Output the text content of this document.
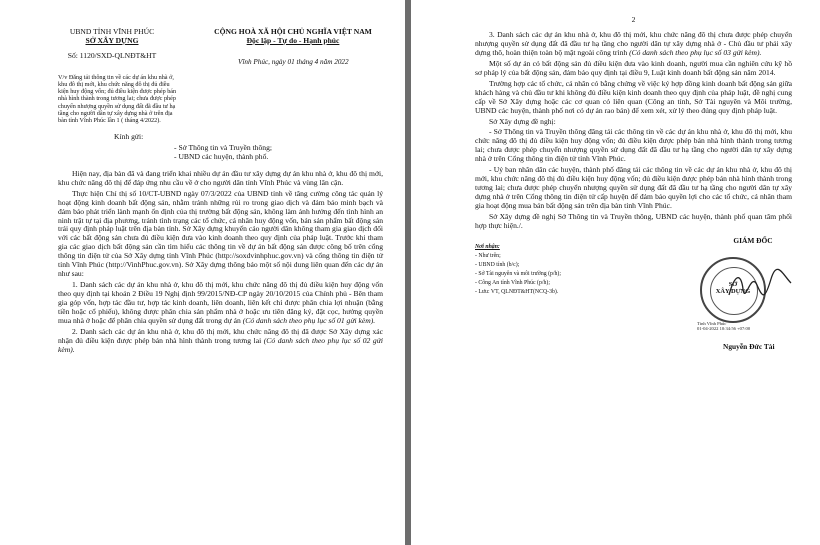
UBND TỈNH VĨNH PHÚC
SỞ XÂY DỰNG
Số: 1120/SXD-QLNĐT&HT
CỘNG HOÀ XÃ HỘI CHỦ NGHĨA VIỆT NAM
Độc lập - Tự do - Hạnh phúc
Vĩnh Phúc, ngày 01 tháng 4 năm 2022
V/v Đăng tải thông tin về các dự án khu nhà ở, khu đô thị mới, khu chức năng đô thị đủ điều kiện huy động vốn; đủ điều kiện được phép bán nhà hình thành trong tương lai; chưa được phép chuyển nhượng quyền sử dụng đất đã đầu tư hạ tầng cho người dân tự xây dựng nhà ở trên địa bàn tỉnh Vĩnh Phúc lần 1 ( tháng 4/2022).
Kính gửi:
- Sở Thông tin và Truyền thông;
- UBND các huyện, thành phố.

Hiện nay, địa bàn đã và đang triển khai nhiều dự án đầu tư xây dựng dự án khu nhà ở, khu đô thị mới, khu chức năng đô thị để đáp ứng nhu cầu về ở cho người dân tỉnh Vĩnh Phúc và vùng lân cận.

Thực hiện Chỉ thị số 10/CT-UBND ngày 07/3/2022 của UBND tỉnh về tăng cường công tác quản lý hoạt động kinh doanh bất động sản, nhằm tránh những rủi ro trong giao dịch và đảm bảo minh bạch và đảm bảo phát triển lành mạnh ổn định của thị trường bất động sản, không làm ảnh hưởng đến tình hình an ninh trật tự tại địa phương, tránh tình trạng các tổ chức, cá nhân huy động vốn, bán sản phẩm bất động sản trái quy định pháp luật trên địa bàn tỉnh. Sở Xây dựng khuyến cáo người dân không tham gia giao dịch đối với các bất động sản chưa đủ điều kiện đưa vào kinh doanh theo quy định của pháp luật. Trước khi tham gia các giao dịch bất động sản cần tìm hiểu các thông tin về dự án bất động sản được công bố trên cổng thông tin điện tử của Sở Xây dựng tỉnh Vĩnh Phúc (http://soxdvinhphuc.gov.vn) và cổng thông tin điện tử tỉnh Vĩnh Phúc (http://VinhPhuc.gov.vn). Sở Xây dựng thông báo một số nội dung liên quan đến các dự án như sau:

1. Danh sách các dự án khu nhà ở, khu đô thị mới, khu chức năng đô thị đủ điều kiện huy động vốn theo quy định tại khoản 2 Điều 19 Nghị định 99/2015/NĐ-CP ngày 20/10/2015 của Chính phủ - Bên tham gia góp vốn, hợp tác đầu tư, hợp tác kinh doanh, liên doanh, liên kết chỉ được phân chia lợi nhuận (bằng tiền hoặc cổ phiếu), không được phân chia sản phẩm nhà ở hoặc ưu tiên đăng ký, đặt cọc, hưởng quyền mua nhà ở hoặc để phân chia quyền sử dụng đất trong dự án (Có danh sách theo phụ lục số 01 gửi kèm).

2. Danh sách các dự án khu nhà ở, khu đô thị mới, khu chức năng đô thị đã được Sở Xây dựng xác nhận đủ điều kiện được phép bán nhà hình thành trong tương lai (Có danh sách theo phụ lục số 02 gửi kèm).

2

3. Danh sách các dự án khu nhà ở, khu đô thị mới, khu chức năng đô thị chưa được phép chuyển nhượng quyền sử dụng đất đã đầu tư hạ tầng cho người dân tự xây dựng nhà ở - Chủ đầu tư phải xây dựng thô, hoàn thiện toàn bộ mặt ngoài công trình (Có danh sách theo phụ lục số 03 gửi kèm).

Một số dự án có bất động sản đủ điều kiện đưa vào kinh doanh, người mua cần nghiên cứu kỹ hồ sơ pháp lý của bất động sản, đảm bảo quy định tại điều 9, Luật kinh doanh bất động sản năm 2014.

Trường hợp các tổ chức, cá nhân có bằng chứng về việc ký hợp đồng kinh doanh bất động sản giữa khách hàng và chủ đầu tư khi không đủ điều kiện kinh doanh theo quy định của pháp luật, đề nghị cung cấp về Sở Xây dựng hoặc các cơ quan có liên quan (Công an tỉnh, Sở Tài nguyên và Môi trường, UBND các huyện, thành phố nơi có dự án rao bán) để xem xét, xử lý theo đúng quy định pháp luật.

Sở Xây dựng đề nghị:

- Sở Thông tin và Truyền thông đăng tải các thông tin về các dự án khu nhà ở, khu đô thị mới, khu chức năng đô thị đủ điều kiện huy động vốn; đủ điều kiện được phép bán nhà hình thành trong tương lai; chưa được phép chuyển nhượng quyền sử dụng đất đã đầu tư hạ tầng cho người dân tự xây dựng nhà ở trên Cổng thông tin điện tử tỉnh Vĩnh Phúc.

- Uỷ ban nhân dân các huyện, thành phố đăng tải các thông tin về các dự án khu nhà ở, khu đô thị mới, khu chức năng đô thị đủ điều kiện huy động vốn; đủ điều kiện được phép bán nhà hình thành trong tương lai; chưa được phép chuyển nhượng quyền sử dụng đất đã đầu tư hạ tầng cho người dân tự xây dựng nhà ở trên Cổng thông tin điện tử cấp huyện để đảm bảo quyền lợi cho các tổ chức, cá nhân tham gia hoạt động mua bán bất động sản trên địa bàn tỉnh Vĩnh Phúc.

Sở Xây dựng đề nghị Sở Thông tin và Truyền thông, UBND các huyện, thành phố quan tâm phối hợp thực hiện./.

Nơi nhận:
- Như trên;
- UBND tỉnh (b/c);
- Sở Tài nguyên và môi trường (p/h);
- Công An tỉnh Vĩnh Phúc (p/h);
- Lưu: VT, QLNĐT&HT(NCQ-3b).
GIÁM ĐỐC
SỞ
XÂY DỰNG
Tỉnh Vĩnh Phúc
01-04-2022 10:34:56 +07:00
Nguyễn Đức Tài
